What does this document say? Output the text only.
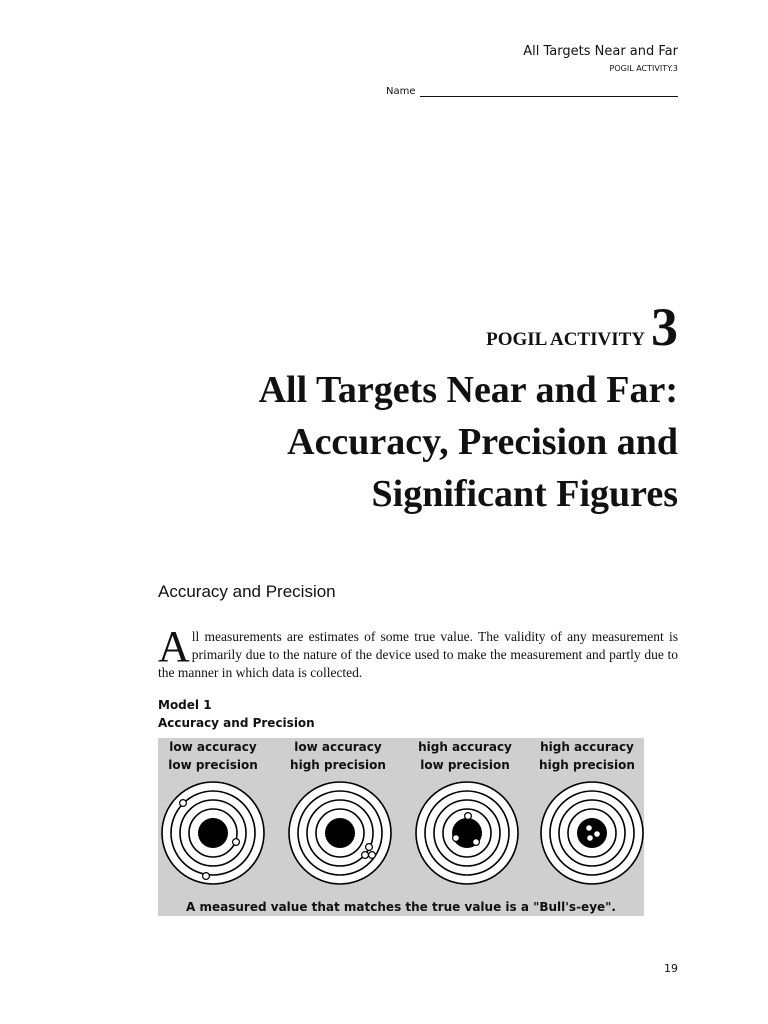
All Targets Near and Far
POGIL ACTIVITY.3
Name
POGIL ACTIVITY 3
All Targets Near and Far:
Accuracy, Precision and
Significant Figures
Accuracy and Precision
All measurements are estimates of some true value. The validity of any measurement is primarily due to the nature of the device used to make the measurement and partly due to the manner in which data is collected.
Model 1
Accuracy and Precision
low accuracy
low precision
low accuracy
high precision
high accuracy
low precision
high accuracy
high precision
A measured value that matches the true value is a "Bull's-eye".
19
